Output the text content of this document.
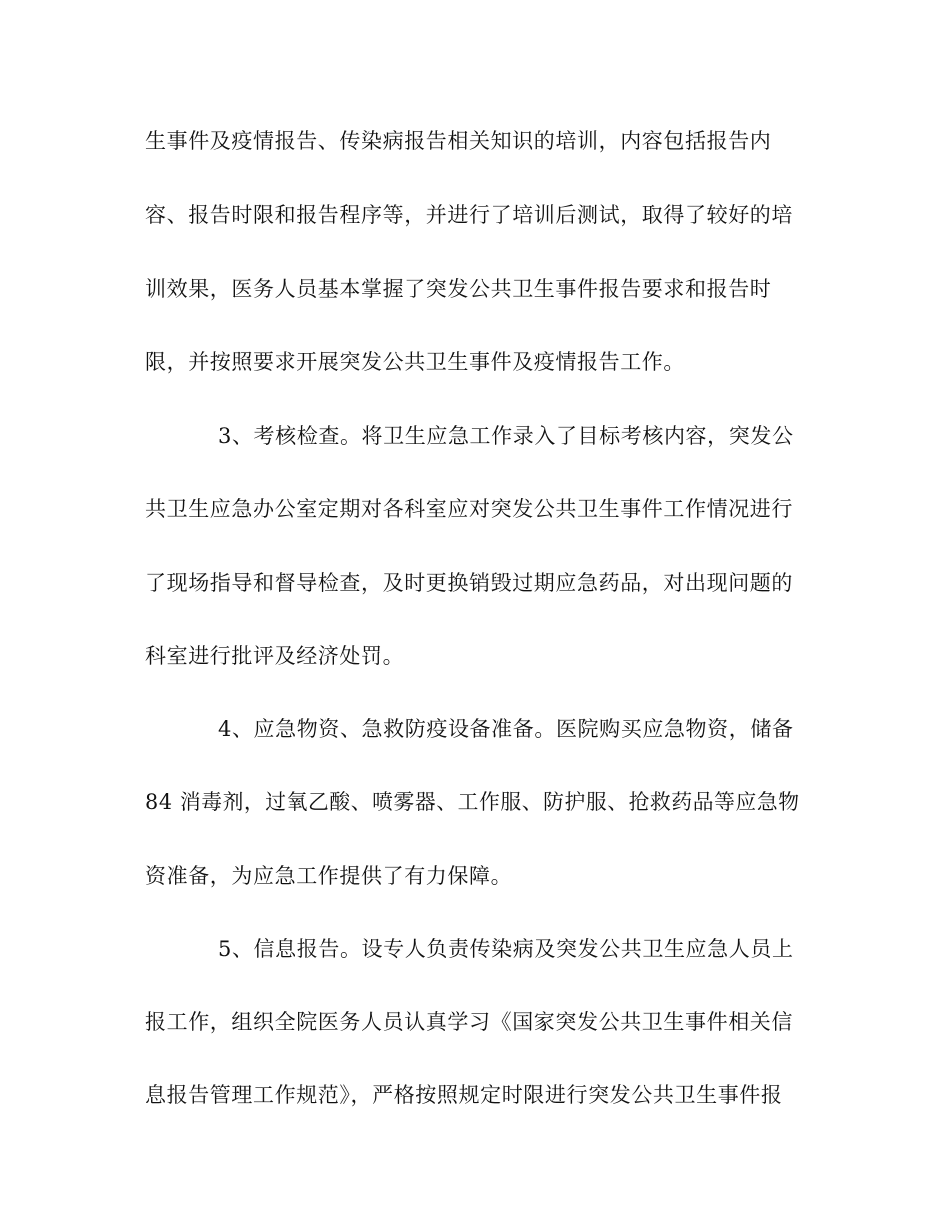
生事件及疫情报告、传染病报告相关知识的培训，内容包括报告内
容、报告时限和报告程序等，并进行了培训后测试，取得了较好的培
训效果，医务人员基本掌握了突发公共卫生事件报告要求和报告时
限，并按照要求开展突发公共卫生事件及疫情报告工作。
3、考核检查。将卫生应急工作录入了目标考核内容，突发公
共卫生应急办公室定期对各科室应对突发公共卫生事件工作情况进行
了现场指导和督导检查，及时更换销毁过期应急药品，对出现问题的
科室进行批评及经济处罚。
4、应急物资、急救防疫设备准备。医院购买应急物资，储备
84 消毒剂，过氧乙酸、喷雾器、工作服、防护服、抢救药品等应急物
资准备，为应急工作提供了有力保障。
5、信息报告。设专人负责传染病及突发公共卫生应急人员上
报工作，组织全院医务人员认真学习《国家突发公共卫生事件相关信
息报告管理工作规范》，严格按照规定时限进行突发公共卫生事件报
